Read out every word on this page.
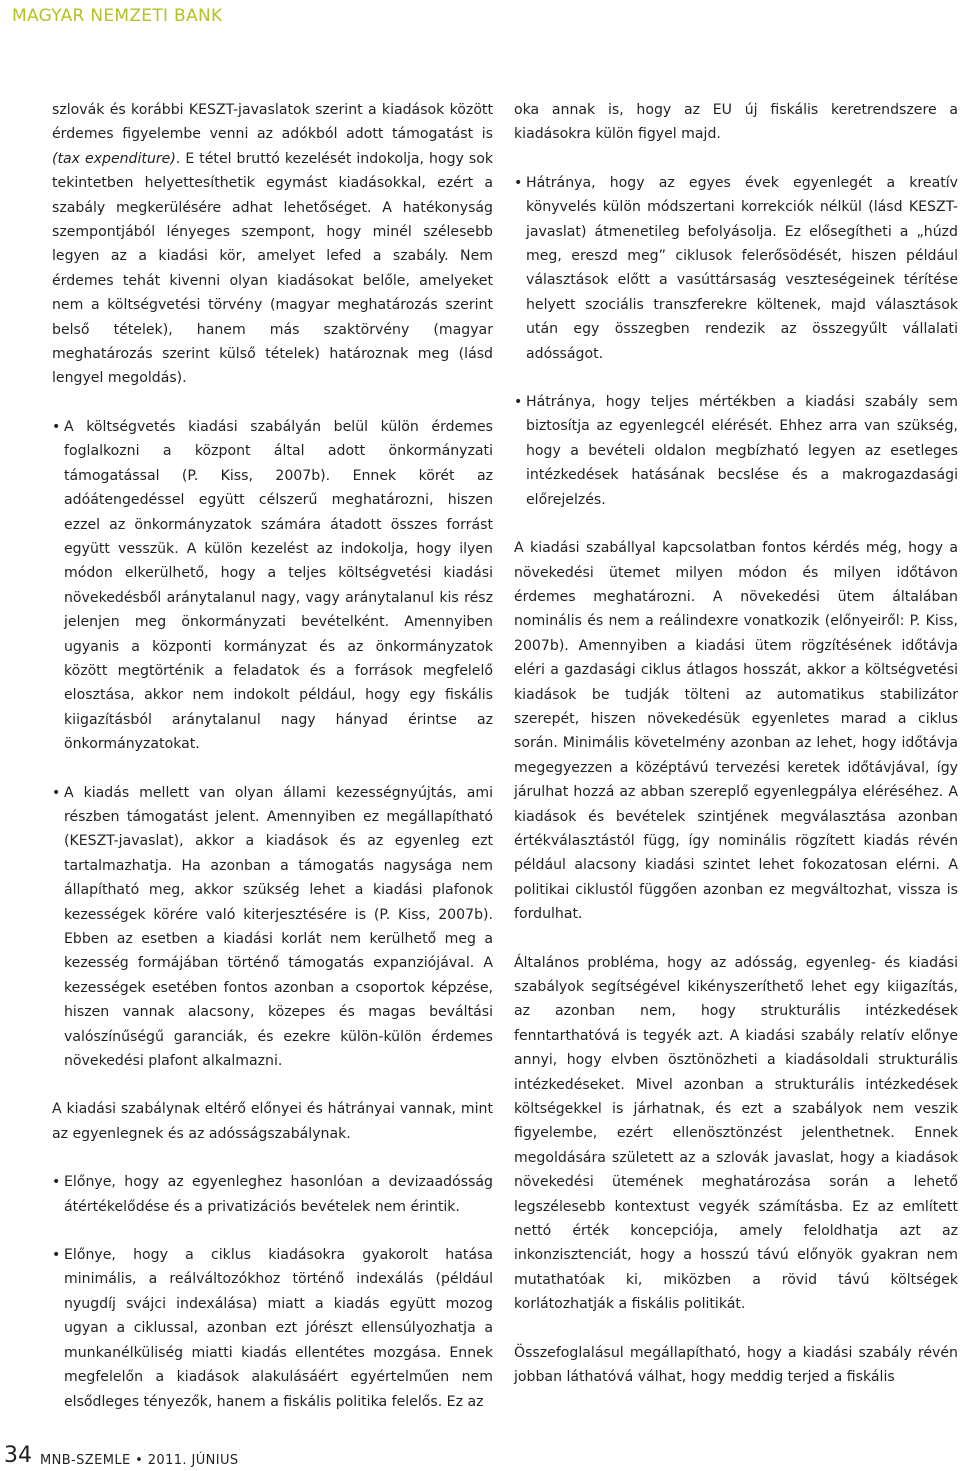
MAGYAR NEMZETI BANK

szlovák és korábbi KESZT-javaslatok szerint a kiadások között érdemes figyelembe venni az adókból adott támogatást is (tax expenditure). E tétel bruttó kezelését indokolja, hogy sok tekintetben helyettesíthetik egymást kiadásokkal, ezért a szabály megkerülésére adhat lehetőséget. A hatékonyság szempontjából lényeges szempont, hogy minél szélesebb legyen az a kiadási kör, amelyet lefed a szabály. Nem érdemes tehát kivenni olyan kiadásokat belőle, amelyeket nem a költségvetési törvény (magyar meghatározás szerint belső tételek), hanem más szaktörvény (magyar meghatározás szerint külső tételek) határoznak meg (lásd lengyel megoldás).

• A költségvetés kiadási szabályán belül külön érdemes foglalkozni a központ által adott önkormányzati támogatással (P. Kiss, 2007b). Ennek körét az adóátengedéssel együtt célszerű meghatározni, hiszen ezzel az önkormányzatok számára átadott összes forrást együtt vesszük. A külön kezelést az indokolja, hogy ilyen módon elkerülhető, hogy a teljes költségvetési kiadási növekedésből aránytalanul nagy, vagy aránytalanul kis rész jelenjen meg önkormányzati bevételként. Amennyiben ugyanis a központi kormányzat és az önkormányzatok között megtörténik a feladatok és a források megfelelő elosztása, akkor nem indokolt például, hogy egy fiskális kiigazításból aránytalanul nagy hányad érintse az önkormányzatokat.
• A kiadás mellett van olyan állami kezességnyújtás, ami részben támogatást jelent. Amennyiben ez megállapítható (KESZT-javaslat), akkor a kiadások és az egyenleg ezt tartalmazhatja. Ha azonban a támogatás nagysága nem állapítható meg, akkor szükség lehet a kiadási plafonok kezességek körére való kiterjesztésére is (P. Kiss, 2007b). Ebben az esetben a kiadási korlát nem kerülhető meg a kezesség formájában történő támogatás expanziójával. A kezességek esetében fontos azonban a csoportok képzése, hiszen vannak alacsony, közepes és magas beváltási valószínűségű garanciák, és ezekre külön-külön érdemes növekedési plafont alkalmazni.

A kiadási szabálynak eltérő előnyei és hátrányai vannak, mint az egyenlegnek és az adósságszabálynak.

• Előnye, hogy az egyenleghez hasonlóan a devizaadósság átértékelődése és a privatizációs bevételek nem érintik.
• Előnye, hogy a ciklus kiadásokra gyakorolt hatása minimális, a reálváltozókhoz történő indexálás (például nyugdíj svájci indexálása) miatt a kiadás együtt mozog ugyan a ciklussal, azonban ezt jórészt ellensúlyozhatja a munkanélküliség miatti kiadás ellentétes mozgása. Ennek megfelelőn a kiadások alakulásáért egyértelműen nem elsődleges tényezők, hanem a fiskális politika felelős. Ez az

oka annak is, hogy az EU új fiskális keretrendszere a kiadásokra külön figyel majd.

• Hátránya, hogy az egyes évek egyenlegét a kreatív könyvelés külön módszertani korrekciók nélkül (lásd KESZT-javaslat) átmenetileg befolyásolja. Ez elősegítheti a „húzd meg, ereszd meg” ciklusok felerősödését, hiszen például választások előtt a vasúttársaság veszteségeinek térítése helyett szociális transzferekre költenek, majd választások után egy összegben rendezik az összegyűlt vállalati adósságot.
• Hátránya, hogy teljes mértékben a kiadási szabály sem biztosítja az egyenlegcél elérését. Ehhez arra van szükség, hogy a bevételi oldalon megbízható legyen az esetleges intézkedések hatásának becslése és a makrogazdasági előrejelzés.

A kiadási szabállyal kapcsolatban fontos kérdés még, hogy a növekedési ütemet milyen módon és milyen időtávon érdemes meghatározni. A növekedési ütem általában nominális és nem a reálindexre vonatkozik (előnyeiről: P. Kiss, 2007b). Amennyiben a kiadási ütem rögzítésének időtávja eléri a gazdasági ciklus átlagos hosszát, akkor a költségvetési kiadások be tudják tölteni az automatikus stabilizátor szerepét, hiszen növekedésük egyenletes marad a ciklus során. Minimális követelmény azonban az lehet, hogy időtávja megegyezzen a középtávú tervezési keretek időtávjával, így járulhat hozzá az abban szereplő egyenlegpálya eléréséhez. A kiadások és bevételek szintjének megválasztása azonban értékválasztástól függ, így nominális rögzített kiadás révén például alacsony kiadási szintet lehet fokozatosan elérni. A politikai ciklustól függően azonban ez megváltozhat, vissza is fordulhat.

Általános probléma, hogy az adósság, egyenleg- és kiadási szabályok segítségével kikényszeríthető lehet egy kiigazítás, az azonban nem, hogy strukturális intézkedések fenntarthatóvá is tegyék azt. A kiadási szabály relatív előnye annyi, hogy elvben ösztönözheti a kiadásoldali strukturális intézkedéseket. Mivel azonban a strukturális intézkedések költségekkel is járhatnak, és ezt a szabályok nem veszik figyelembe, ezért ellenösztönzést jelenthetnek. Ennek megoldására született az a szlovák javaslat, hogy a kiadások növekedési ütemének meghatározása során a lehető legszélesebb kontextust vegyék számításba. Ez az említett nettó érték koncepciója, amely feloldhatja azt az inkonzisztenciát, hogy a hosszú távú előnyök gyakran nem mutathatóak ki, miközben a rövid távú költségek korlátozhatják a fiskális politikát.

Összefoglalásul megállapítható, hogy a kiadási szabály révén jobban láthatóvá válhat, hogy meddig terjed a fiskális

34 MNB-SZEMLE • 2011. JÚNIUS
